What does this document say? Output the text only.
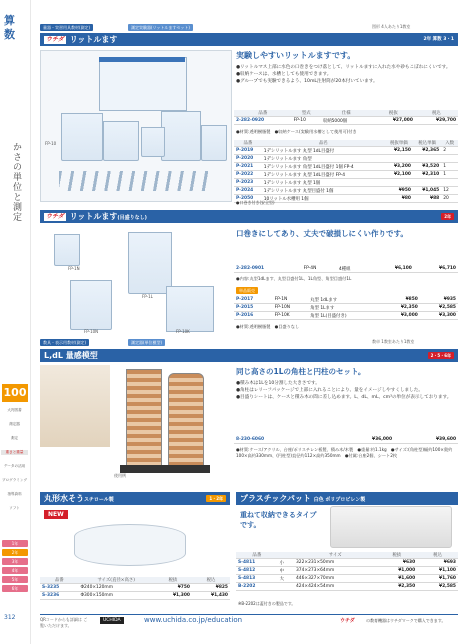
算
数
かさの単位と測定
100
大判図書
測定器
測定
重さと重量
データの活用
プログラミング
指導資料
ソフト
1年
2年
3年
4年
5年
6年
312
量器・実習用具教材(測定)	測定実験器(リットルますセット)	図形 4人あたり1教室
ウチダ リットルます	2年 算数 3・1
FP-10
実験しやすいリットルますです。
●リットルマス上部に水色の口巻きをつけ落として、リットルますに入れた水や砂もこぼれにくいです。
●収納ケースは、水槽としても使用できます。
●グループでも実験できるよう、10mL注射筒が20本付いています。
品番	型式	仕様	税抜	税込
2-282-0920	FP-10	収納5000個	¥27,000	¥29,700
●材質:透明樹脂製　●収納ケース(実験用水槽として使用可)付き
品番	品名	税抜単価	税込単価	入数
P-2019	1デシリットルます 丸型 1dL目盛付	¥2,150	¥2,365	2
P-2020	1デシリットルます 角型			
P-2021	1デシリットルます 角型 1dL目盛付 1個 FP-4	¥3,200	¥3,520	1
P-2022	1デシリットルます 丸型 1dL目盛付 FP-4	¥2,100	¥2,310	1
P-2023	1デシリットルます 丸型 1個			
P-2024	1デシリットルます 丸型目盛付 1個	¥950	¥1,045	12
P-2050	10リットル水槽用 1個	¥80	¥88	20
●口巻き付き(安全型)
ウチダ リットルます(目盛りなし)	2年
FP-1N
FP-1L
FP-10N	FP-10K
口巻きにしてあり、丈夫で破損しにくい作りです。
2-282-0901	FP-4N	4種組	¥6,100	¥6,710
●内容:丸型1dLます、丸型目盛付1L、1L角型、角型目盛付1L
単品販売
P-2017	FP-1N	丸型 1dLます	¥850	¥935
P-2015	FP-10N	角型 1Lます	¥2,350	¥2,585
P-2016	FP-10K	角型 1L(目盛付き)	¥3,000	¥3,300
●材質:透明樹脂製　●目盛りなし
教具・表示用教材(測定)	測定器(単位模型)	教卓 1教室あたり1教室
L,dL 量感模型	2・5・6年
使用例
同じ高さの1Lの角柱と円柱のセット。
●積み木は1Lを10分割した大きさです。
●角柱はレリーフパッケージで上部に入れることにより、量をイメージしやすくしました。
●目盛りシートは、ケースと積み木の間に差し込めます。L、dL、mL、cm³の単位が表示しております。
8-230-6060		¥36,000	¥39,600
●材質:ケース/アクリル、台座/ポリスチレン板製、積み木/木製　●重量:約1.1kg　●サイズ:(角柱型)幅約100×奥約100×高約330mm、(円柱型)直径約112×高約350mm　●付属:台座2個、シート2枚
丸形水そうスチロール製	1・2年
NEW
品番	サイズ(直径×高さ)	税抜	税込
S-3235	Φ240×120mm	¥750	¥825
S-3236	Φ300×150mm	¥1,300	¥1,430
プラスチックパット 白色 ポリプロピレン製
重ねて収納できるタイプです。
品番		サイズ	税抜	税込
S-4811	小	322×231×50mm	¥630	¥693
S-4812	中	374×273×64mm	¥1,000	¥1,100
S-4813	大	446×327×70mm	¥1,600	¥1,760
B-2202		424×424×54mm	¥2,350	¥2,585
※B-2202は蓋付きの製品です。
QRコードからも詳細は ご覧いただけます。
UCHIDA	www.uchida.co.jp/education	ウチダ	の教育機器はウチダマークで購入できます。
